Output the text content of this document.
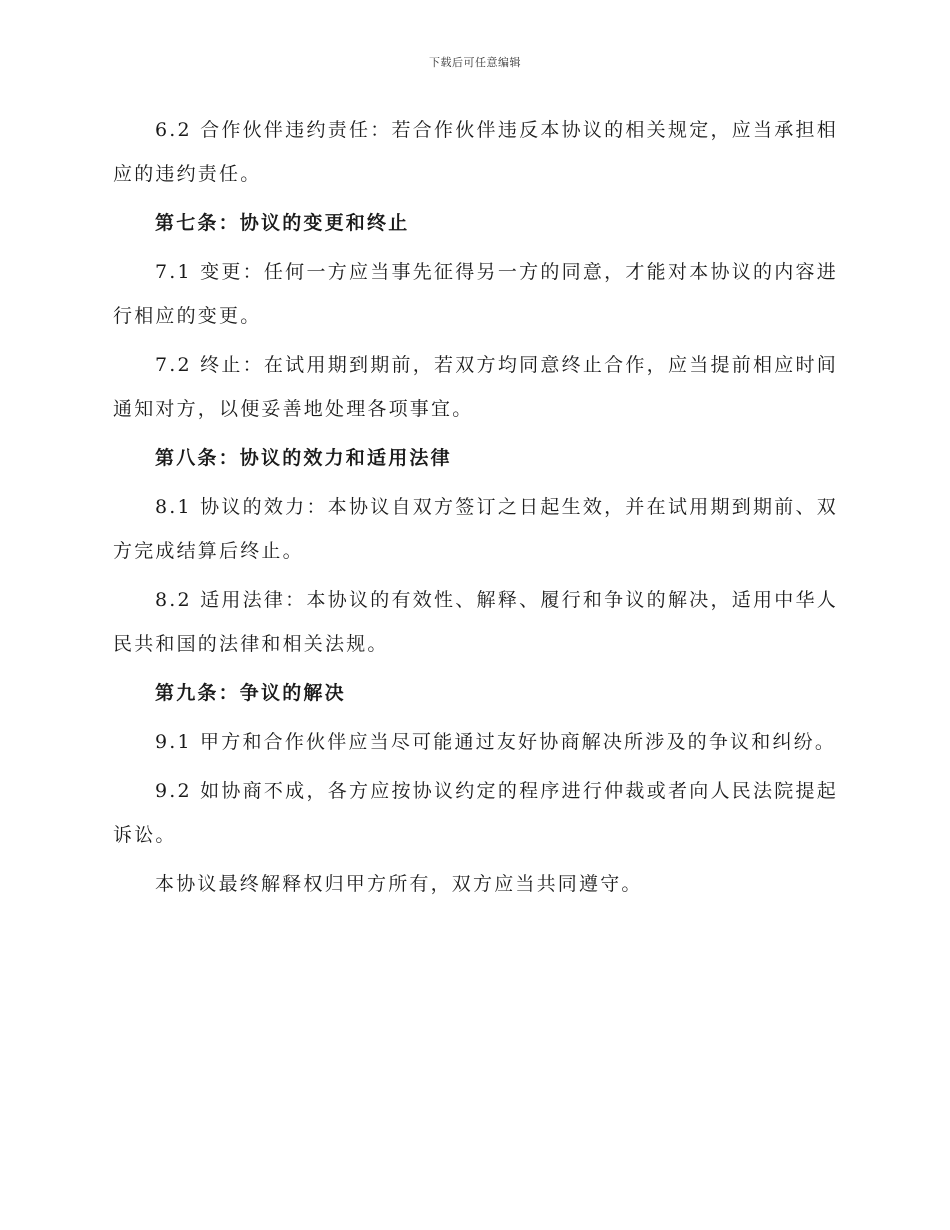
下载后可任意编辑

6.2 合作伙伴违约责任：若合作伙伴违反本协议的相关规定，应当承担相应的违约责任。

第七条：协议的变更和终止

7.1 变更：任何一方应当事先征得另一方的同意，才能对本协议的内容进行相应的变更。

7.2 终止：在试用期到期前，若双方均同意终止合作，应当提前相应时间通知对方，以便妥善地处理各项事宜。

第八条：协议的效力和适用法律

8.1 协议的效力：本协议自双方签订之日起生效，并在试用期到期前、双方完成结算后终止。

8.2 适用法律：本协议的有效性、解释、履行和争议的解决，适用中华人民共和国的法律和相关法规。

第九条：争议的解决

9.1 甲方和合作伙伴应当尽可能通过友好协商解决所涉及的争议和纠纷。

9.2 如协商不成，各方应按协议约定的程序进行仲裁或者向人民法院提起诉讼。

本协议最终解释权归甲方所有，双方应当共同遵守。
